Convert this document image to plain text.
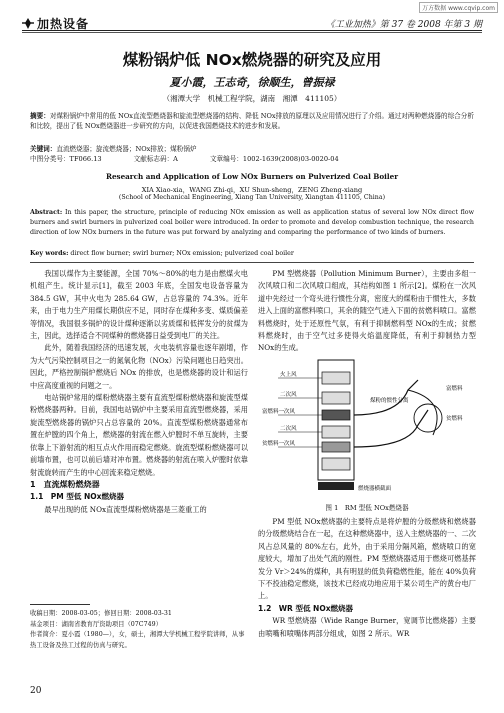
万方数据 www.cqvip.com
加热设备	《工业加热》第 37 卷 2008 年第 3 期
煤粉锅炉低 NOx燃烧器的研究及应用
夏小霞，王志奇，徐顺生，曾振禄
（湘潭大学　机械工程学院，湖南　湘潭　411105）
摘要：对煤粉锅炉中常用的低 NOx直流型燃烧器和旋流型燃烧器的结构、降低 NOx排放的原理以及应用情况进行了介绍。通过对两种燃烧器的综合分析和比较，提出了低 NOx燃烧器进一步研究的方向，以促进我国燃烧技术的进步和发展。
关键词：直流燃烧器；旋流燃烧器；NOx排放；煤粉锅炉
中图分类号：TF066.13	文献标志码：A	文章编号：1002-1639(2008)03-0020-04
Research and Application of Low NOx Burners on Pulverized Coal Boiler
XIA Xiao-xia，WANG Zhi-qi，XU Shun-sheng，ZENG Zheng-xiang
(School of Mechanical Engineering, Xiang Tan University, Xiangtan 411105, China)
Abstract: In this paper, the structure, principle of reducing NOx emission as well as application status of several low NOx direct flow burners and swirl burners in pulverized coal boiler were introduced. In order to promote and develop combustion technique, the research direction of low NOx burners in the future was put forward by analyzing and comparing the performance of two kinds of burners.
Key words: direct flow burner; swirl burner; NOx emission; pulverized coal boiler

我国以煤作为主要能源，全国 70%～80%的电力是由燃煤火电机组产生。统计显示[1]，截至 2003 年底，全国发电设备容量为 384.5 GW，其中火电为 285.64 GW，占总容量的 74.3%。近年来，由于电力生产用煤长期供应不足，同时存在煤种多变、煤质偏差等情况，我国很多锅炉的设计煤种逐渐以劣质煤和低挥发分的贫煤为主，因此，选择适合不同煤种的燃烧器日益受到电厂的关注。

此外，随着我国经济的迅速发展，火电装机容量也逐年剧增，作为大气污染控制项目之一的氮氧化物（NOx）污染问题也日趋突出。因此，严格控制锅炉燃烧后 NOx 的排放，也是燃烧器的设计和运行中应高度重视的问题之一。

电站锅炉常用的煤粉燃烧器主要有直流型煤粉燃烧器和旋流型煤粉燃烧器两种。目前，我国电站锅炉中主要采用直流型燃烧器，采用旋流型燃烧器的锅炉只占总容量的 20%。直流型煤粉燃烧器通常布置在炉膛的四个角上，燃烧器的射流在燃入炉膛时不单互旋转，主要依靠上下游射流的相互点火作用而稳定燃烧。旋流型煤粉燃烧器可以前墙布置，也可以前后墙对冲布置。燃烧器的射流在喷入炉膛时依靠射流旋转而产生的中心回流来稳定燃烧。

1　直流煤粉燃烧器

1.1　PM 型低 NOx燃烧器

最早出现的低 NOx直流型煤粉燃烧器是三菱重工的

PM 型燃烧器（Pollution Minimum Burner），主要由多组一次风喷口和二次风喷口组成，其结构如图 1 所示[2]。煤粉在一次风道中先经过一个弯头进行惯性分离，密度大的煤粉由于惯性大，多数进入上面的富燃料喷口，其余的随空气进入下面的贫燃料喷口。富燃料燃烧时，处于还原性气氛，有利于抑制燃料型 NOx的生成；贫燃料燃烧时，由于空气过多使得火焰温度降低，有利于抑制热力型 NOx的生成。

火上风
二次风
富燃料一次风
二次风
贫燃料一次风
煤粉的惯性分离
富燃料
贫燃料
燃烧器横截面
图 1　RM 型低 NOx燃烧器

PM 型低 NOx燃烧器的主要特点是将炉膛的分级燃烧和燃烧器的分级燃烧结合在一起，在这种燃烧器中，送入主燃烧器的一、二次风占总风量的 80%左右，此外，由于采用分隔风箱，燃烧喷口的宽度较大，增加了出处气流的刚性。PM 型燃烧器适用于燃烧可燃基挥发分 Vr＞24%的煤种，具有明显的低负荷稳燃性能，能在 40%负荷下不投油稳定燃烧，该技术已经成功地应用于某公司生产的黄台电厂上。

1.2　WR 型低 NOx燃烧器

WR 型燃烧器（Wide Range Burner，宽调节比燃烧器）主要由喷嘴和喷嘴体两部分组成，如图 2 所示。WR

收稿日期：2008-03-05；修回日期：2008-03-31
基金项目：湖南省教育厅资助项目（07C749）
作者简介：夏小霞（1980—），女，硕士，湘潭大学机械工程学院讲师，从事热工设备及热工过程的仿真与研究。
20
